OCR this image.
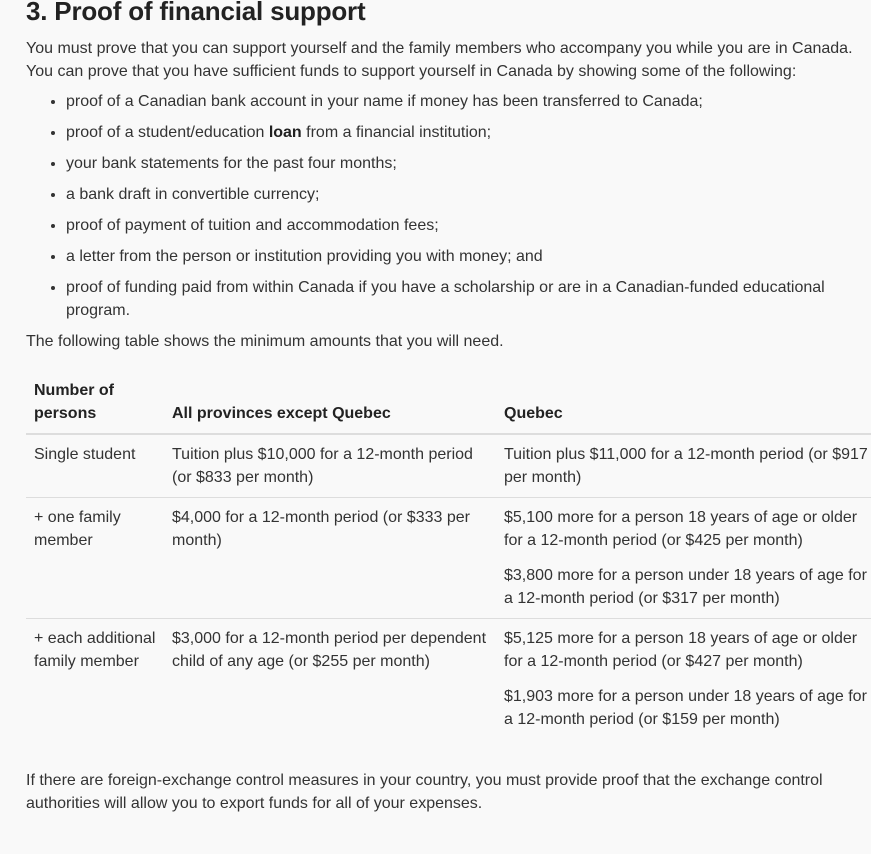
3. Proof of financial support

You must prove that you can support yourself and the family members who accompany you while you are in Canada. You can prove that you have sufficient funds to support yourself in Canada by showing some of the following:

• proof of a Canadian bank account in your name if money has been transferred to Canada;
• proof of a student/education loan from a financial institution;
• your bank statements for the past four months;
• a bank draft in convertible currency;
• proof of payment of tuition and accommodation fees;
• a letter from the person or institution providing you with money; and
• proof of funding paid from within Canada if you have a scholarship or are in a Canadian-funded educational program.

The following table shows the minimum amounts that you will need.

Number of persons	All provinces except Quebec	Quebec
Single student	Tuition plus $10,000 for a 12-month period (or $833 per month)	Tuition plus $11,000 for a 12-month period (or $917 per month)

+ one family member	$4,000 for a 12-month period (or $333 per month)	$5,100 more for a person 18 years of age or older for a 12-month period (or $425 per month)

$3,800 more for a person under 18 years of age for a 12-month period (or $317 per month)

+ each additional family member	$3,000 for a 12-month period per dependent child of any age (or $255 per month)	$5,125 more for a person 18 years of age or older for a 12-month period (or $427 per month)

$1,903 more for a person under 18 years of age for a 12-month period (or $159 per month)

If there are foreign-exchange control measures in your country, you must provide proof that the exchange control authorities will allow you to export funds for all of your expenses.
